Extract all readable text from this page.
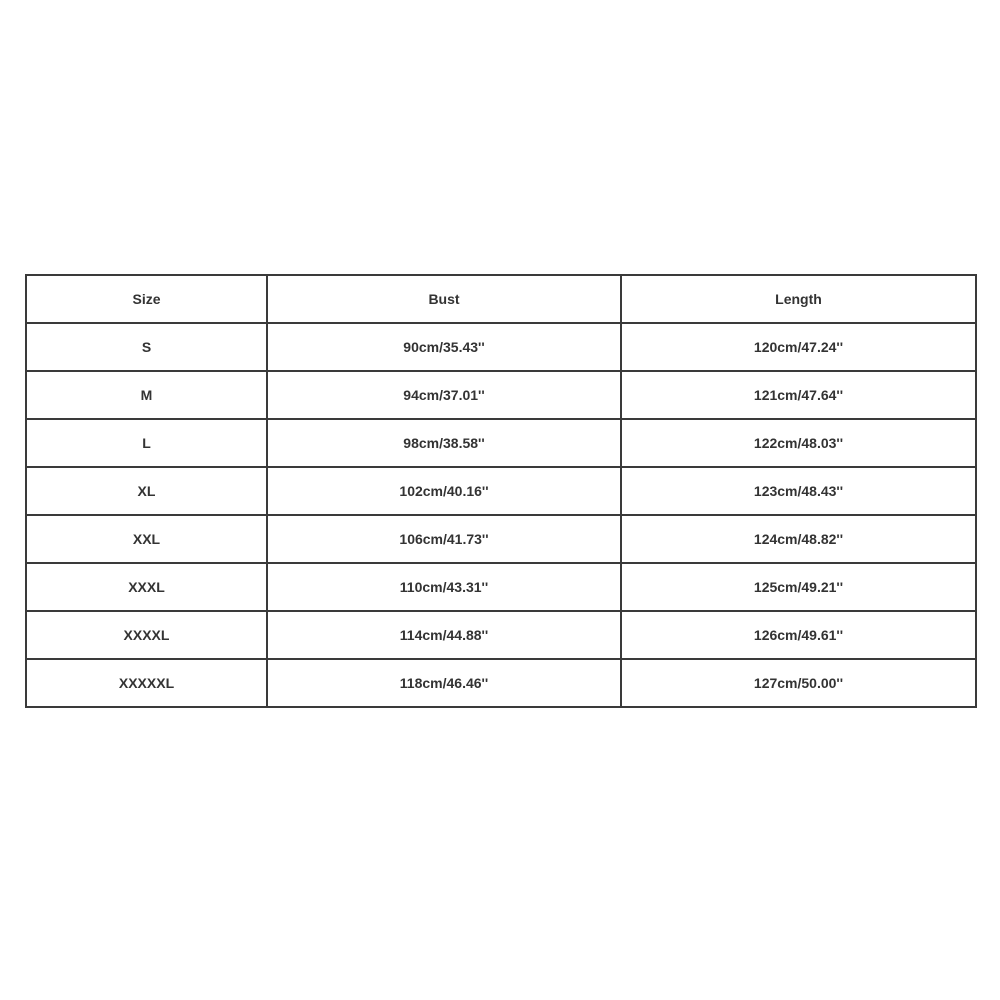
Size	Bust	Length
S	90cm/35.43''	120cm/47.24''
M	94cm/37.01''	121cm/47.64''
L	98cm/38.58''	122cm/48.03''
XL	102cm/40.16''	123cm/48.43''
XXL	106cm/41.73''	124cm/48.82''
XXXL	110cm/43.31''	125cm/49.21''
XXXXL	114cm/44.88''	126cm/49.61''
XXXXXL	118cm/46.46''	127cm/50.00''
